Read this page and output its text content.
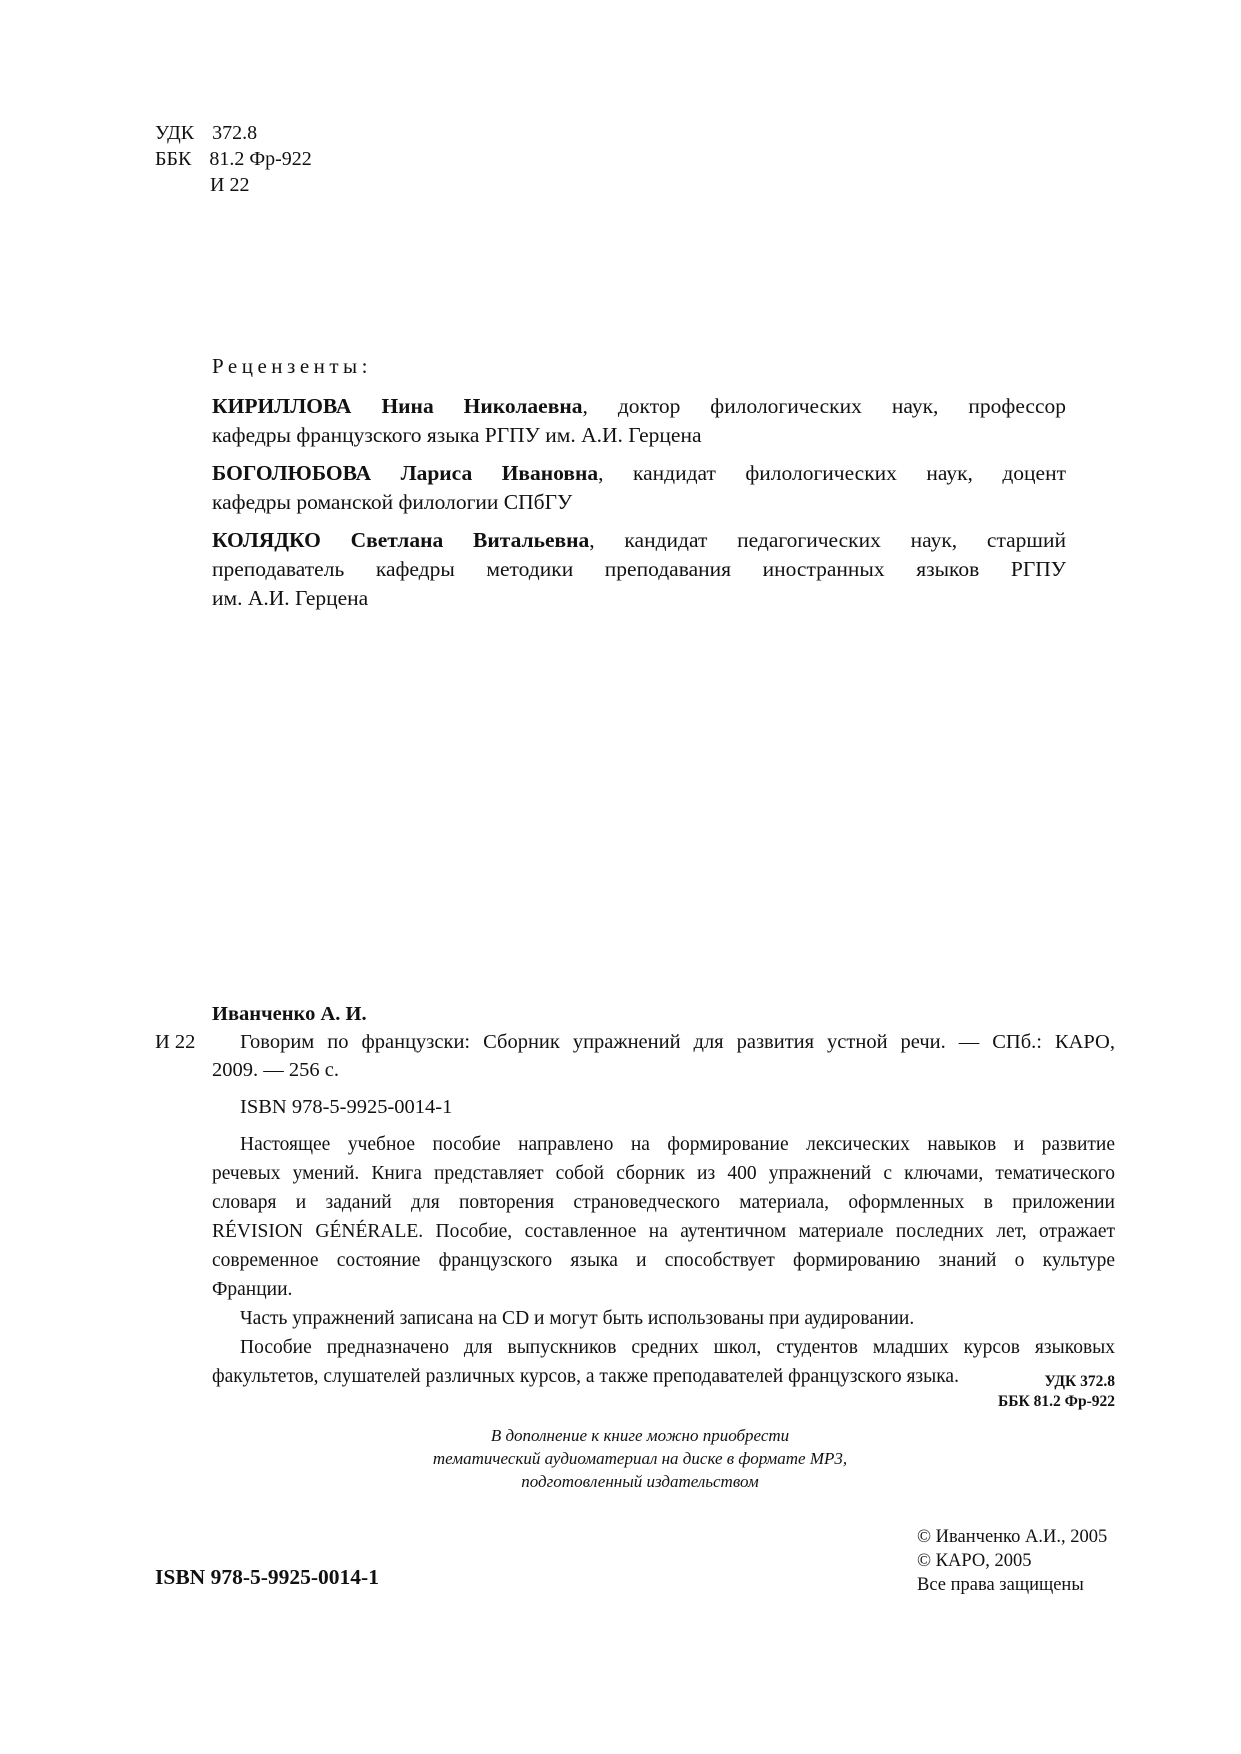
УДК 372.8
ББК 81.2 Фр-922
И 22
Рецензенты:
КИРИЛЛОВА Нина Николаевна, доктор филологических наук, профессор
кафедры французского языка РГПУ им. А.И. Герцена
БОГОЛЮБОВА Лариса Ивановна, кандидат филологических наук, доцент
кафедры романской филологии СПбГУ
КОЛЯДКО Светлана Витальевна, кандидат педагогических наук, старший
преподаватель кафедры методики преподавания иностранных языков РГПУ
им. А.И. Герцена
Иванченко А. И.
И 22 Говорим по французски: Сборник упражнений для развития устной речи. — СПб.: КАРО,
2009. — 256 с.
ISBN 978-5-9925-0014-1
Настоящее учебное пособие направлено на формирование лексических навыков и развитие
речевых умений. Книга представляет собой сборник из 400 упражнений с ключами, тематического
словаря и заданий для повторения страноведческого материала, оформленных в приложении
RÉVISION GÉNÉRALE. Пособие, составленное на аутентичном материале последних лет, отражает
современное состояние французского языка и способствует формированию знаний о культуре
Франции.
Часть упражнений записана на CD и могут быть использованы при аудировании.
Пособие предназначено для выпускников средних школ, студентов младших курсов языковых
факультетов, слушателей различных курсов, а также преподавателей французского языка.	УДК 372.8
ББК 81.2 Фр-922
В дополнение к книге можно приобрести
тематический аудиоматериал на диске в формате MP3,
подготовленный издательством
© Иванченко А.И., 2005
© КАРО, 2005
Все права защищены
ISBN 978-5-9925-0014-1
